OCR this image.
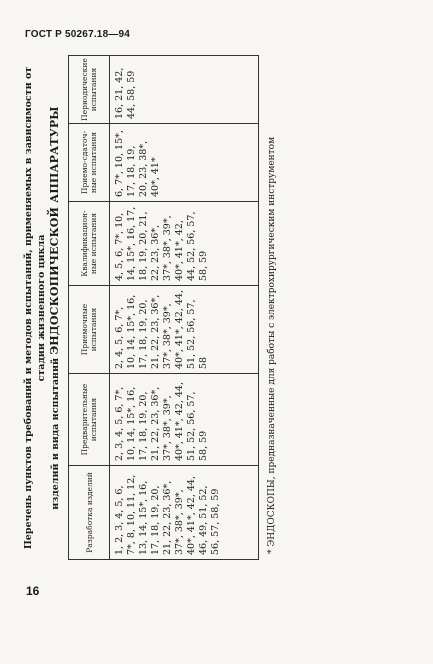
ГОСТ Р 50267.18—94
Перечень пунктов требований и методов испытаний, применяемых в зависимости от стадии жизненного цикла
изделий и вида испытаний ЭНДОСКОПИЧЕСКОЙ АППАРАТУРЫ
Разработка изделий	Предварительные испытания	Приемочные испытания	Квалификацион-ные испытания	Приемо-сдаточ-ные испытания	Периодические испытания
1, 2, 3, 4, 5, 6, 7*, 8, 10, 11, 12, 13, 14, 15*, 16, 17, 18, 19, 20, 21, 22, 23, 36*, 37*, 38*, 39*, 40*, 41*, 42, 44, 46, 49, 51, 52, 56, 57, 58, 59	2, 3, 4, 5, 6, 7*, 10, 14, 15*, 16, 17, 18, 19, 20, 21, 22, 23, 36*, 37*, 38*, 39*, 40*, 41*, 42, 44, 51, 52, 56, 57, 58, 59	2, 4, 5, 6, 7*, 10, 14, 15*, 16, 17, 18, 19, 20, 21, 22, 23, 36*, 37*, 38*, 39*, 40*, 41*, 42, 44, 51, 52, 56, 57, 58	4, 5, 6, 7*, 10, 14, 15*, 16, 17, 18, 19, 20, 21, 22, 23, 36*, 37*, 38*, 39*, 40*, 41*, 42, 44, 52, 56, 57, 58, 59	6, 7*, 10, 15*, 17, 18, 19, 20, 23, 38*, 40*, 41*	16, 21, 42, 44, 58, 59
* ЭНДОСКОПЫ, предназначенные для работы с электрохирургическим инструментом
16
